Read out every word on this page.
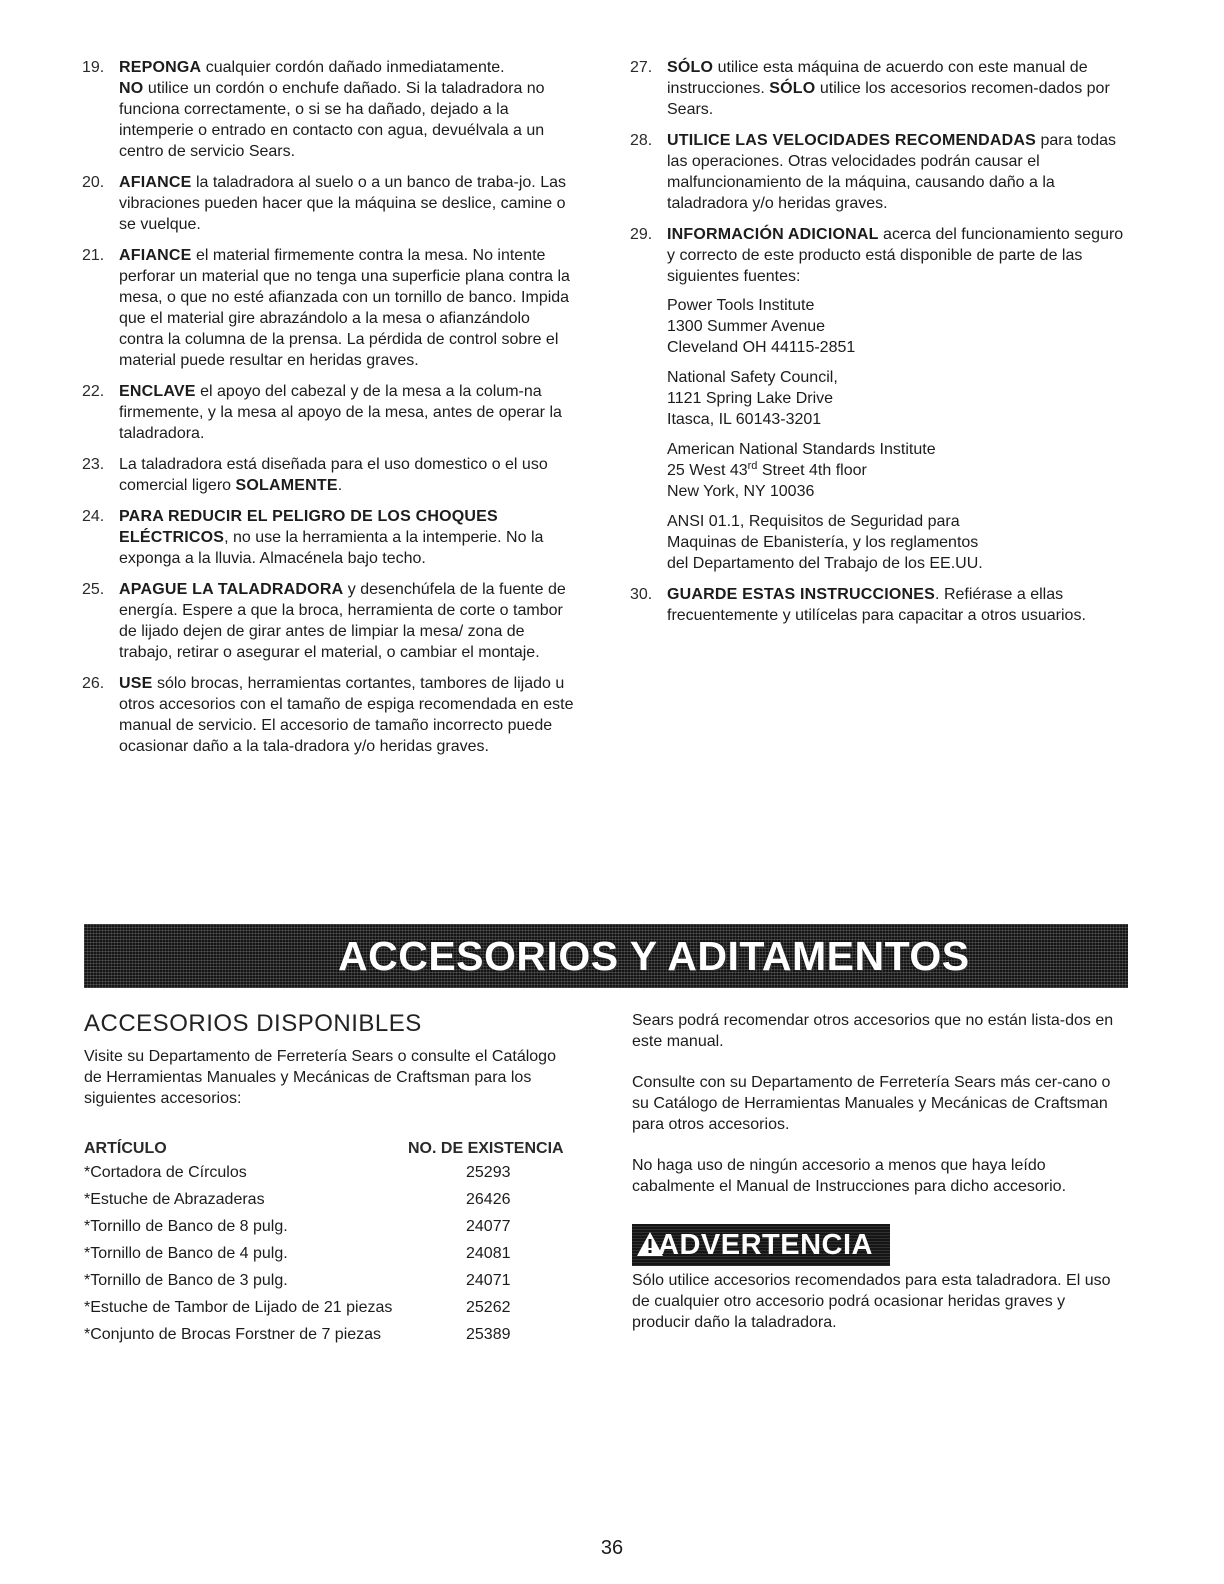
19. REPONGA cualquier cordón dañado inmediatamente.
NO utilice un cordón o enchufe dañado. Si la taladradora no funciona correctamente, o si se ha dañado, dejado a la intemperie o entrado en contacto con agua, devuélvala a un centro de servicio Sears.
20. AFIANCE la taladradora al suelo o a un banco de traba-jo. Las vibraciones pueden hacer que la máquina se deslice, camine o se vuelque.
21. AFIANCE el material firmemente contra la mesa. No intente perforar un material que no tenga una superficie plana contra la mesa, o que no esté afianzada con un tornillo de banco. Impida que el material gire abrazándolo a la mesa o afianzándolo contra la columna de la prensa. La pérdida de control sobre el material puede resultar en heridas graves.
22. ENCLAVE el apoyo del cabezal y de la mesa a la colum-na firmemente, y la mesa al apoyo de la mesa, antes de operar la taladradora.
23. La taladradora está diseñada para el uso domestico o el uso comercial ligero SOLAMENTE.
24. PARA REDUCIR EL PELIGRO DE LOS CHOQUES ELÉCTRICOS, no use la herramienta a la intemperie. No la exponga a la lluvia. Almacénela bajo techo.
25. APAGUE LA TALADRADORA y desenchúfela de la fuente de energía. Espere a que la broca, herramienta de corte o tambor de lijado dejen de girar antes de limpiar la mesa/ zona de trabajo, retirar o asegurar el material, o cambiar el montaje.
26. USE sólo brocas, herramientas cortantes, tambores de lijado u otros accesorios con el tamaño de espiga recomendada en este manual de servicio. El accesorio de tamaño incorrecto puede ocasionar daño a la tala-dradora y/o heridas graves.
27. SÓLO utilice esta máquina de acuerdo con este manual de instrucciones. SÓLO utilice los accesorios recomen-dados por Sears.
28. UTILICE LAS VELOCIDADES RECOMENDADAS para todas las operaciones. Otras velocidades podrán causar el malfuncionamiento de la máquina, causando daño a la taladradora y/o heridas graves.
29. INFORMACIÓN ADICIONAL acerca del funcionamiento seguro y correcto de este producto está disponible de parte de las siguientes fuentes:
Power Tools Institute
1300 Summer Avenue
Cleveland OH 44115-2851
National Safety Council,
1121 Spring Lake Drive
Itasca, IL 60143-3201
American National Standards Institute
25 West 43rd Street 4th floor
New York, NY 10036
ANSI 01.1, Requisitos de Seguridad para
Maquinas de Ebanistería, y los reglamentos
del Departamento del Trabajo de los EE.UU.
30. GUARDE ESTAS INSTRUCCIONES. Refiérase a ellas frecuentemente y utilícelas para capacitar a otros usuarios.
ACCESORIOS Y ADITAMENTOS
ACCESORIOS DISPONIBLES
Visite su Departamento de Ferretería Sears o consulte el Catálogo de Herramientas Manuales y Mecánicas de Craftsman para los siguientes accesorios:
ARTÍCULO	NO. DE EXISTENCIA
*Cortadora de Círculos	25293
*Estuche de Abrazaderas	26426
*Tornillo de Banco de 8 pulg.	24077
*Tornillo de Banco de 4 pulg.	24081
*Tornillo de Banco de 3 pulg.	24071
*Estuche de Tambor de Lijado de 21 piezas	25262
*Conjunto de Brocas Forstner de 7 piezas	25389
Sears podrá recomendar otros accesorios que no están lista-dos en este manual.
Consulte con su Departamento de Ferretería Sears más cer-cano o su Catálogo de Herramientas Manuales y Mecánicas de Craftsman para otros accesorios.
No haga uso de ningún accesorio a menos que haya leído cabalmente el Manual de Instrucciones para dicho accesorio.
ADVERTENCIA
Sólo utilice accesorios recomendados para esta taladradora. El uso de cualquier otro accesorio podrá ocasionar heridas graves y producir daño la taladradora.
36
